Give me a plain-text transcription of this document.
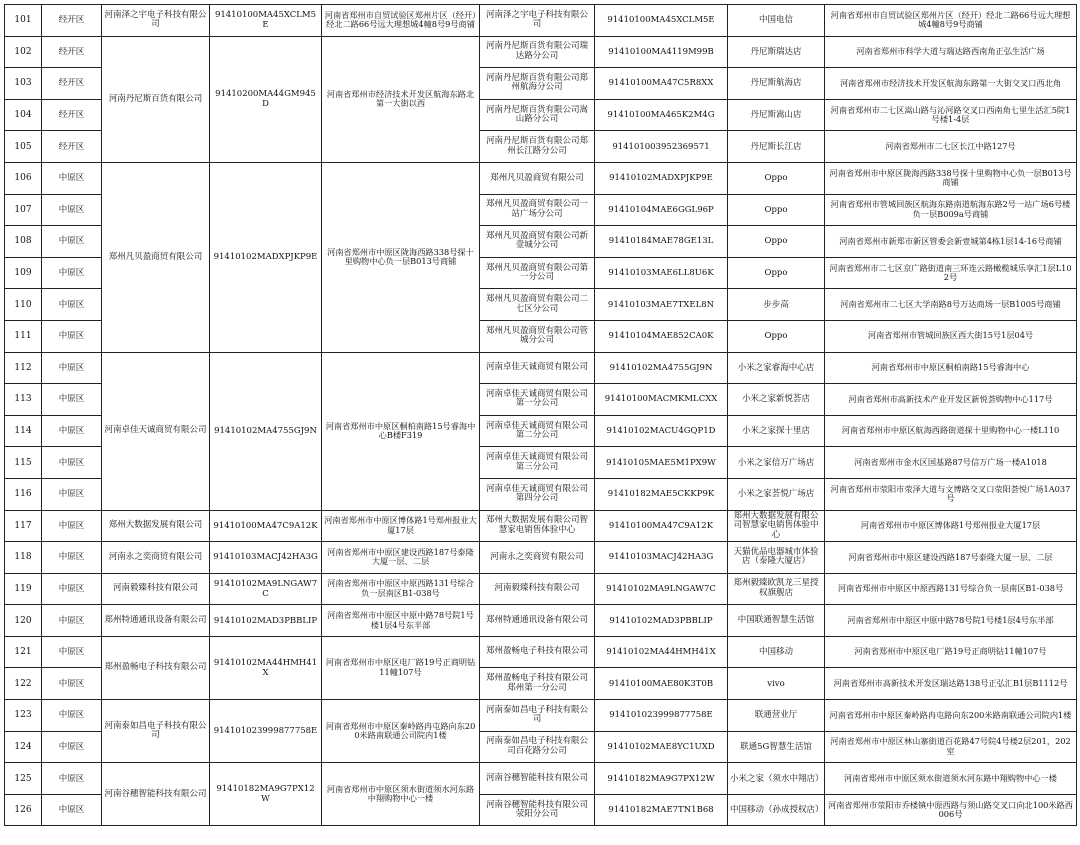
101	经开区	河南泽之宇电子科技有限公司	91410100MA45XCLM5E	河南省郑州市自贸试验区郑州片区（经开）经北二路66号远大理想城4幢8号9号商铺	河南泽之宇电子科技有限公司	91410100MA45XCLM5E	中国电信	河南省郑州市自贸试验区郑州片区（经开）经北二路66号远大理想城4幢8号9号商铺
102	经开区	河南丹尼斯百货有限公司	91410200MA44GM945D	河南省郑州市经济技术开发区航海东路北第一大街以西	河南丹尼斯百货有限公司瑞达路分公司	91410100MA4119M99B	丹尼斯瑞达店	河南省郑州市科学大道与瑞达路西南角正弘生活广场
103	经开区				河南丹尼斯百货有限公司郑州航海分公司	91410100MA47C5R8XX	丹尼斯航海店	河南省郑州市经济技术开发区航海东路第一大街交叉口西北角
104	经开区				河南丹尼斯百货有限公司嵩山路分公司	91410100MA465K2M4G	丹尼斯嵩山店	河南省郑州市二七区嵩山路与沁河路交叉口西南角七里生活汇5院1号楼1-4层
105	经开区				河南丹尼斯百货有限公司郑州长江路分公司	914101003952369571	丹尼斯长江店	河南省郑州市二七区长江中路127号
106	中原区	郑州凡贝盈商贸有限公司	91410102MADXPJKP9E	河南省郑州市中原区陇海西路338号探十里购物中心负一层B013号商铺	郑州凡贝盈商贸有限公司	91410102MADXPJKP9E	Oppo	河南省郑州市中原区陇海西路338号探十里购物中心负一层B013号商铺
107	中原区				郑州凡贝盈商贸有限公司一站广场分公司	91410104MAE6GGL96P	Oppo	河南省郑州市管城回族区航海东路南道航海东路2号一站广场6号楼负一层B009a号商铺
108	中原区				郑州凡贝盈商贸有限公司新壹城分公司	91410184MAE78GE13L	Oppo	河南省郑州市新郑市新区管委会新壹城第4栋1层14-16号商铺
109	中原区				郑州凡贝盈商贸有限公司第一分公司	91410103MAE6LL8U6K	Oppo	河南省郑州市二七区京广路街道南三环连云路橄榄城乐享汇1层L102号
110	中原区				郑州凡贝盈商贸有限公司二七区分公司	91410103MAE7TXEL8N	步步高	河南省郑州市二七区大学南路8号万达商场一层B1005号商铺
111	中原区				郑州凡贝盈商贸有限公司管城分公司	91410104MAE852CA0K	Oppo	河南省郑州市管城回族区西大街15号1层04号
112	中原区	河南卓佳天诚商贸有限公司	91410102MA4755GJ9N	河南省郑州市中原区桐柏南路15号睿海中心B楼F319	河南卓佳天诚商贸有限公司	91410102MA4755GJ9N	小米之家睿海中心店	河南省郑州市中原区桐柏南路15号睿海中心
113	中原区				河南卓佳天诚商贸有限公司第一分公司	91410100MACMKMLCXX	小米之家新悦荟店	河南省郑州市高新技术产业开发区新悦荟购物中心117号
114	中原区				河南卓佳天诚商贸有限公司第二分公司	91410102MACU4GQP1D	小米之家探十里店	河南省郑州市中原区航海西路街道探十里购物中心一楼L110
115	中原区				河南卓佳天诚商贸有限公司第三分公司	91410105MAE5M1PX9W	小米之家信万广场店	河南省郑州市金水区国基路87号信万广场一楼A1018
116	中原区				河南卓佳天诚商贸有限公司第四分公司	91410182MAE5CKKP9K	小米之家荟悦广场店	河南省郑州市荥阳市荥泽大道与文博路交叉口荥阳荟悦广场1A037号
117	中原区	郑州大数据发展有限公司	91410100MA47C9A12K	河南省郑州市中原区博体路1号郑州报业大厦17层	郑州大数据发展有限公司智慧家电销售体验中心	91410100MA47C9A12K	郑州大数据发展有限公司智慧家电销售体验中心	河南省郑州市中原区博体路1号郑州报业大厦17层
118	中原区	河南永之奕商贸有限公司	91410103MACJ42HA3G	河南省郑州市中原区建设西路187号泰隆大厦一层、二层	河南永之奕商贸有限公司	91410103MACJ42HA3G	天猫优品电器城市体验店（泰隆大厦店）	河南省郑州市中原区建设西路187号泰隆大厦一层、二层
119	中原区	河南毅臻科技有限公司	91410102MA9LNGAW7C	河南省郑州市中原区中原西路131号综合负一层南区B1-038号	河南毅臻科技有限公司	91410102MA9LNGAW7C	郑州毅臻欧凯龙三星授权旗舰店	河南省郑州市中原区中原西路131号综合负一层南区B1-038号
120	中原区	郑州特通通讯设备有限公司	91410102MAD3PBBLIP	河南省郑州市中原区中原中路78号院1号楼1层4号东半部	郑州特通通讯设备有限公司	91410102MAD3PBBLIP	中国联通智慧生活馆	河南省郑州市中原区中原中路78号院1号楼1层4号东半部
121	中原区	郑州盈畅电子科技有限公司	91410102MA44HMH41X	河南省郑州市中原区电厂路19号正商明钻11幢107号	郑州盈畅电子科技有限公司	91410102MA44HMH41X	中国移动	河南省郑州市中原区电厂路19号正商明钻11幢107号
122	中原区				郑州盈畅电子科技有限公司郑州第一分公司	91410100MAE80K3T0B	vivo	河南省郑州市高新技术开发区瑞达路138号正弘汇B1层B1112号
123	中原区	河南泰如昌电子科技有限公司	914101023999877758E	河南省郑州市中原区秦岭路冉屯路向东200米路南联通公司院内1楼	河南泰如昌电子科技有限公司	914101023999877758E	联通营业厅	河南省郑州市中原区秦岭路冉屯路向东200米路南联通公司院内1楼
124	中原区				河南泰如昌电子科技有限公司百花路分公司	91410102MAE8YC1UXD	联通5G智慧生活馆	河南省郑州市中原区林山寨街道百花路47号院4号楼2层201，202室
125	中原区	河南谷穗智能科技有限公司	91410182MA9G7PX12W	河南省郑州市中原区须水街道须水河东路中翔购物中心一楼	河南谷穗智能科技有限公司	91410182MA9G7PX12W	小米之家（须水中翔店）	河南省郑州市中原区须水街道须水河东路中翔购物中心一楼
126	中原区				河南谷穗智能科技有限公司荥阳分公司	91410182MAE7TN1B68	中国移动（孙成授权店）	河南省郑州市荥阳市乔楼镇中原西路与须山路交叉口向北100米路西006号
